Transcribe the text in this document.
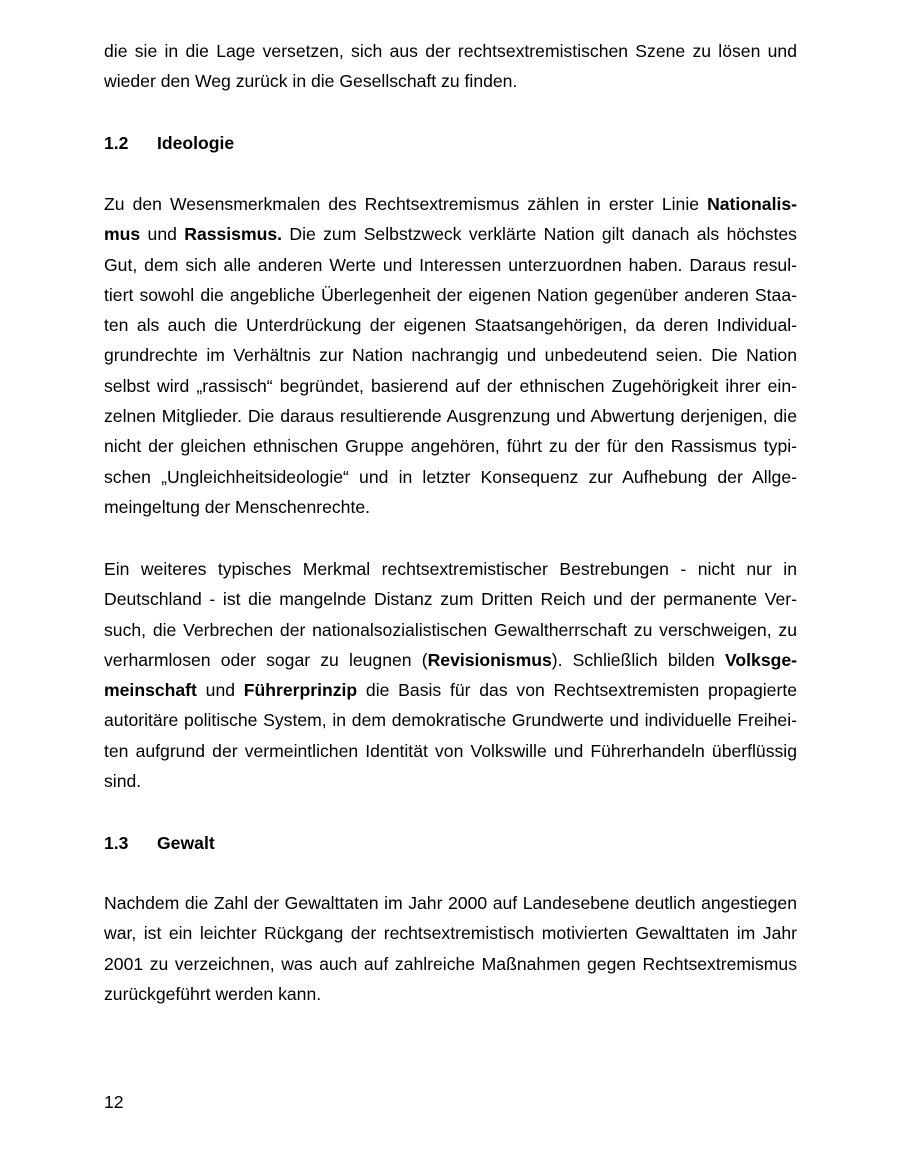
die sie in die Lage versetzen, sich aus der rechtsextremistischen Szene zu lösen und wieder den Weg zurück in die Gesellschaft zu finden.

1.2 Ideologie

Zu den Wesensmerkmalen des Rechtsextremismus zählen in erster Linie Nationalismus und Rassismus. Die zum Selbstzweck verklärte Nation gilt danach als höchstes Gut, dem sich alle anderen Werte und Interessen unterzuordnen haben. Daraus resultiert sowohl die angebliche Überlegenheit der eigenen Nation gegenüber anderen Staaten als auch die Unterdrückung der eigenen Staatsangehörigen, da deren Individualgrundrechte im Verhältnis zur Nation nachrangig und unbedeutend seien. Die Nation selbst wird „rassisch“ begründet, basierend auf der ethnischen Zugehörigkeit ihrer einzelnen Mitglieder. Die daraus resultierende Ausgrenzung und Abwertung derjenigen, die nicht der gleichen ethnischen Gruppe angehören, führt zu der für den Rassismus typischen „Ungleichheitsideologie“ und in letzter Konsequenz zur Aufhebung der Allgemeingeltung der Menschenrechte.

Ein weiteres typisches Merkmal rechtsextremistischer Bestrebungen - nicht nur in Deutschland - ist die mangelnde Distanz zum Dritten Reich und der permanente Versuch, die Verbrechen der nationalsozialistischen Gewaltherrschaft zu verschweigen, zu verharmlosen oder sogar zu leugnen (Revisionismus). Schließlich bilden Volksgemeinschaft und Führerprinzip die Basis für das von Rechtsextremisten propagierte autoritäre politische System, in dem demokratische Grundwerte und individuelle Freiheiten aufgrund der vermeintlichen Identität von Volkswille und Führerhandeln überflüssig sind.

1.3 Gewalt

Nachdem die Zahl der Gewalttaten im Jahr 2000 auf Landesebene deutlich angestiegen war, ist ein leichter Rückgang der rechtsextremistisch motivierten Gewalttaten im Jahr 2001 zu verzeichnen, was auch auf zahlreiche Maßnahmen gegen Rechtsextremismus zurückgeführt werden kann.

12
